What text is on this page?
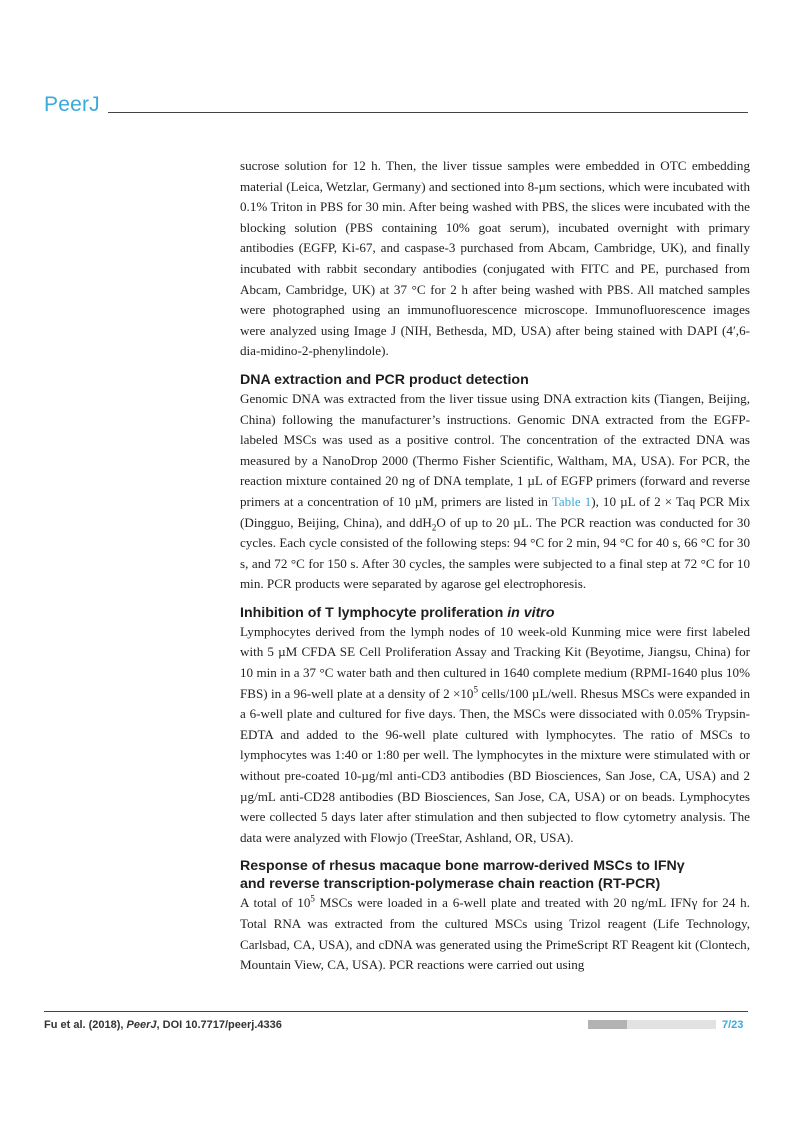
PeerJ

sucrose solution for 12 h. Then, the liver tissue samples were embedded in OTC embedding material (Leica, Wetzlar, Germany) and sectioned into 8-µm sections, which were incubated with 0.1% Triton in PBS for 30 min. After being washed with PBS, the slices were incubated with the blocking solution (PBS containing 10% goat serum), incubated overnight with primary antibodies (EGFP, Ki-67, and caspase-3 purchased from Abcam, Cambridge, UK), and finally incubated with rabbit secondary antibodies (conjugated with FITC and PE, purchased from Abcam, Cambridge, UK) at 37 °C for 2 h after being washed with PBS. All matched samples were photographed using an immunofluorescence microscope. Immunofluorescence images were analyzed using Image J (NIH, Bethesda, MD, USA) after being stained with DAPI (4′,6-dia-midino-2-phenylindole).

DNA extraction and PCR product detection

Genomic DNA was extracted from the liver tissue using DNA extraction kits (Tiangen, Beijing, China) following the manufacturer’s instructions. Genomic DNA extracted from the EGFP-labeled MSCs was used as a positive control. The concentration of the extracted DNA was measured by a NanoDrop 2000 (Thermo Fisher Scientific, Waltham, MA, USA). For PCR, the reaction mixture contained 20 ng of DNA template, 1 µL of EGFP primers (forward and reverse primers at a concentration of 10 µM, primers are listed in Table 1), 10 µL of 2 × Taq PCR Mix (Dingguo, Beijing, China), and ddH$_2$O of up to 20 µL. The PCR reaction was conducted for 30 cycles. Each cycle consisted of the following steps: 94 °C for 2 min, 94 °C for 40 s, 66 °C for 30 s, and 72 °C for 150 s. After 30 cycles, the samples were subjected to a final step at 72 °C for 10 min. PCR products were separated by agarose gel electrophoresis.

Inhibition of T lymphocyte proliferation in vitro

Lymphocytes derived from the lymph nodes of 10 week-old Kunming mice were first labeled with 5 µM CFDA SE Cell Proliferation Assay and Tracking Kit (Beyotime, Jiangsu, China) for 10 min in a 37 °C water bath and then cultured in 1640 complete medium (RPMI-1640 plus 10% FBS) in a 96-well plate at a density of $2 \times 10^5$ cells/100 µL/well. Rhesus MSCs were expanded in a 6-well plate and cultured for five days. Then, the MSCs were dissociated with 0.05% Trypsin-EDTA and added to the 96-well plate cultured with lymphocytes. The ratio of MSCs to lymphocytes was 1:40 or 1:80 per well. The lymphocytes in the mixture were stimulated with or without pre-coated 10-µg/ml anti-CD3 antibodies (BD Biosciences, San Jose, CA, USA) and 2 µg/mL anti-CD28 antibodies (BD Biosciences, San Jose, CA, USA) or on beads. Lymphocytes were collected 5 days later after stimulation and then subjected to flow cytometry analysis. The data were analyzed with Flowjo (TreeStar, Ashland, OR, USA).

Response of rhesus macaque bone marrow-derived MSCs to IFNγ
and reverse transcription-polymerase chain reaction (RT-PCR)

A total of $10^5$ MSCs were loaded in a 6-well plate and treated with 20 ng/mL IFNγ for 24 h. Total RNA was extracted from the cultured MSCs using Trizol reagent (Life Technology, Carlsbad, CA, USA), and cDNA was generated using the PrimeScript RT Reagent kit (Clontech, Mountain View, CA, USA). PCR reactions were carried out using

Fu et al. (2018), PeerJ, DOI 10.7717/peerj.4336	7/23
